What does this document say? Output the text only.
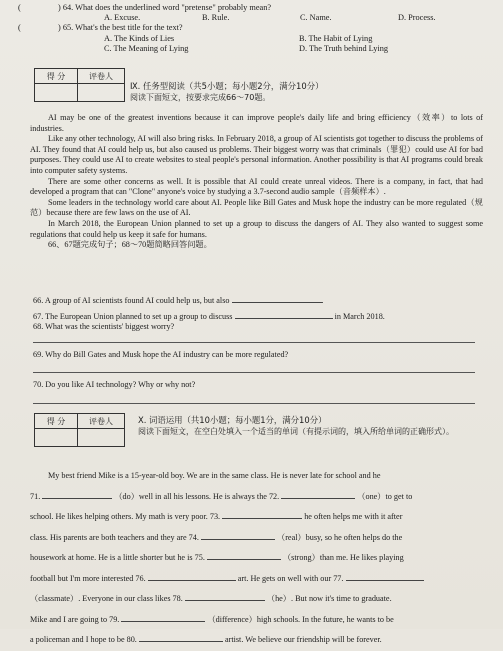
(	) 64. What does the underlined word "pretense" probably mean?
A. Excuse.	B. Rule.	C. Name.	D. Process.
(	) 65. What's the best title for the text?
A. The Kinds of Lies	B. The Habit of Lying
C. The Meaning of Lying	D. The Truth behind Lying
得 分	评卷人
Ⅸ. 任务型阅读（共5小题；每小题2分，满分10分）
阅读下面短文，按要求完成66～70题。

AI may be one of the greatest inventions because it can improve people's daily life and bring efficiency（效率）to lots of industries.

Like any other technology, AI will also bring risks. In February 2018, a group of AI scientists got together to discuss the problems of AI. They found that AI could help us, but also caused us problems. Their biggest worry was that criminals（罪犯）could use AI for bad purposes. They could use AI to create websites to steal people's personal information. Another possibility is that AI programs could break into computer safety systems.

There are some other concerns as well. It is possible that AI could create unreal videos. There is a company, in fact, that had developed a program that can "Clone" anyone's voice by studying a 3.7-second audio sample（音频样本）.

Some leaders in the technology world care about AI. People like Bill Gates and Musk hope the industry can be more regulated（规范）because there are few laws on the use of AI.

In March 2018, the European Union planned to set up a group to discuss the dangers of AI. They also wanted to suggest some regulations that could help us keep it safe for humans.

66、67题完成句子；68～70题简略回答问题。

66. A group of AI scientists found AI could help us, but also	.
67. The European Union planned to set up a group to discuss	in March 2018.
68. What was the scientists' biggest worry?
69. Why do Bill Gates and Musk hope the AI industry can be more regulated?
70. Do you like AI technology? Why or why not?
得 分	评卷人	Ⅹ. 词语运用（共10小题；每小题1分，满分10分）
阅读下面短文，在空白处填入一个适当的单词（有提示词的，填入所给单词的正确形式）。
My best friend Mike is a 15-year-old boy. We are in the same class. He is never late for school and he
71.	（do）well in all his lessons. He is always the 72.	（one）to get to
school. He likes helping others. My math is very poor. 73.	he often helps me with it after
class. His parents are both teachers and they are 74.	（real）busy, so he often helps do the
housework at home. He is a little shorter but he is 75.	（strong）than me. He likes playing
football but I'm more interested 76.	art. He gets on well with our 77.
（classmate）. Everyone in our class likes 78.	（he）. But now it's time to graduate.
Mike and I are going to 79.	（difference）high schools. In the future, he wants to be
a policeman and I hope to be 80.	artist. We believe our friendship will be forever.
